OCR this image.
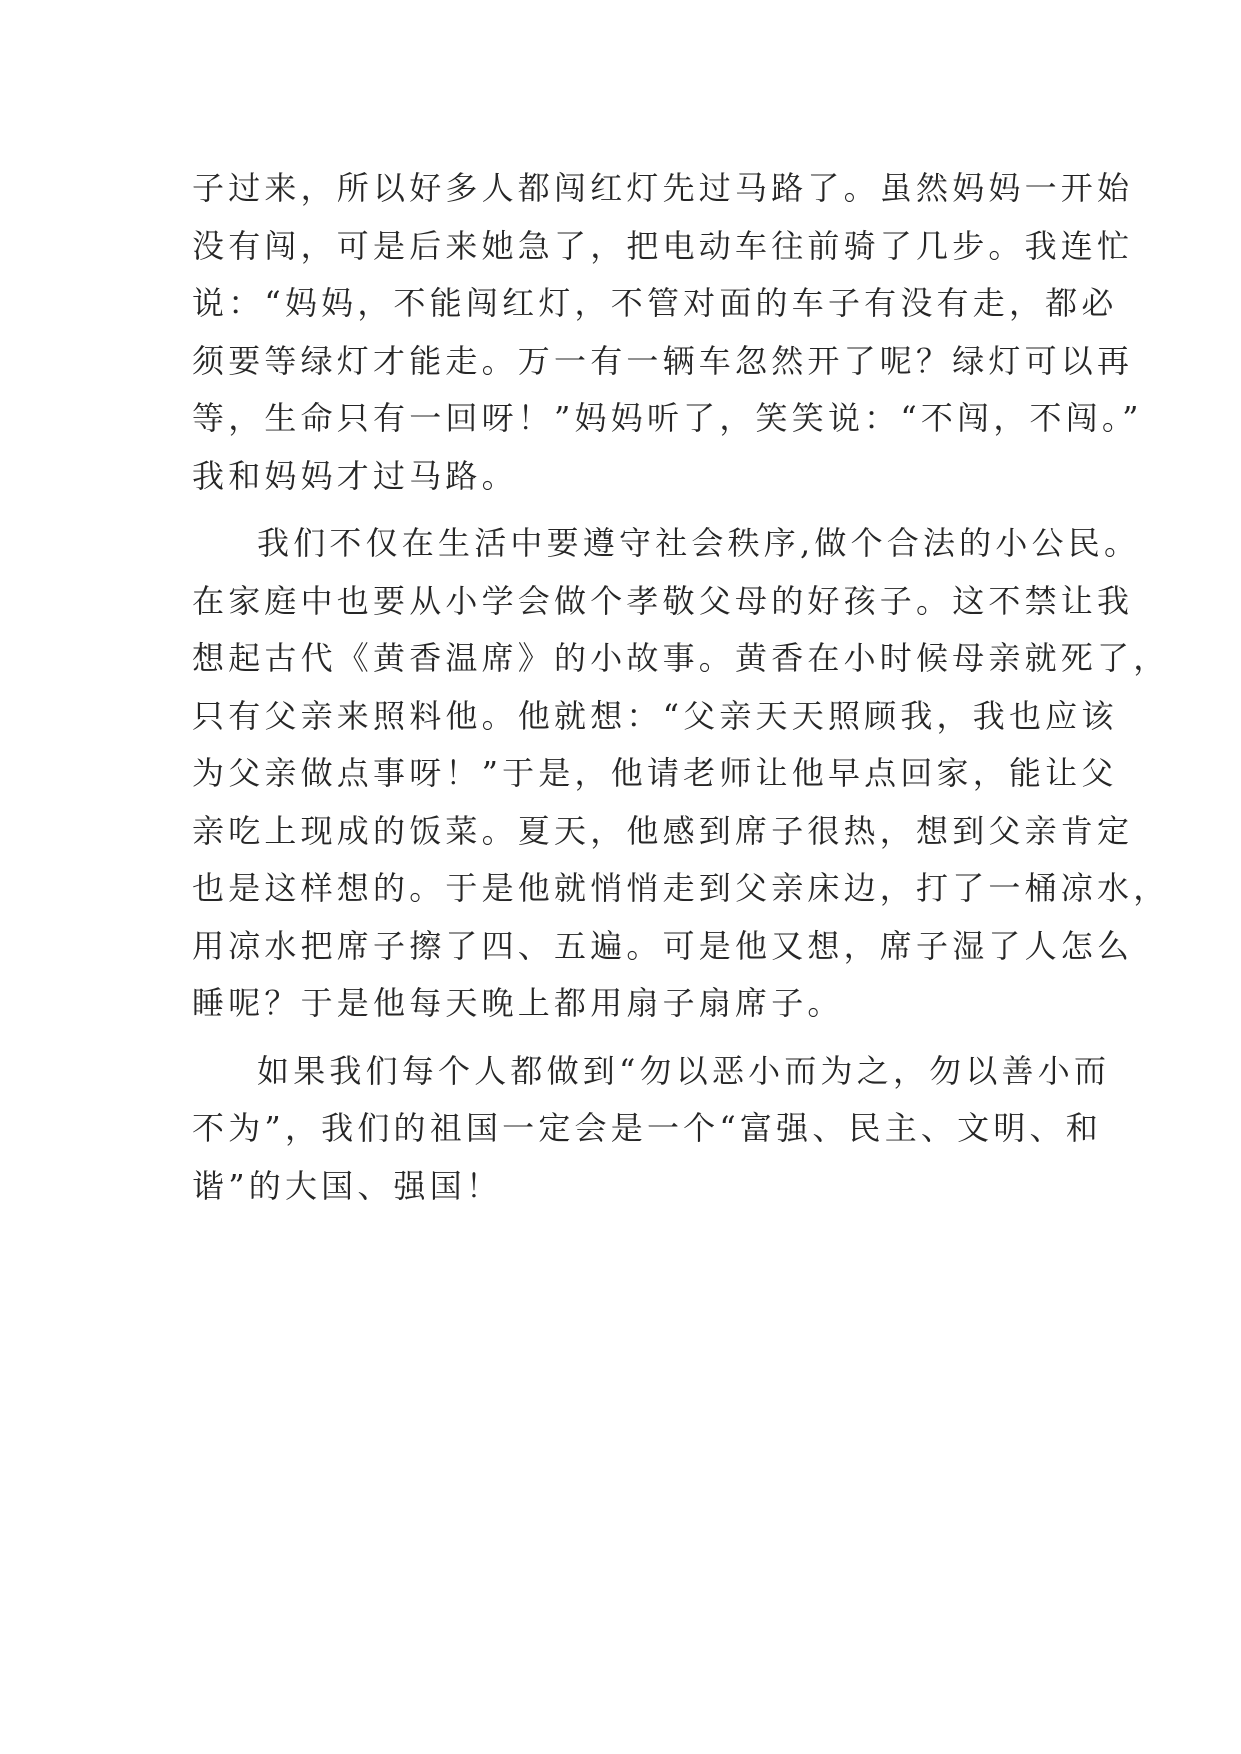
子过来，所以好多人都闯红灯先过马路了。虽然妈妈一开始
没有闯，可是后来她急了，把电动车往前骑了几步。我连忙
说：“妈妈，不能闯红灯，不管对面的车子有没有走，都必
须要等绿灯才能走。万一有一辆车忽然开了呢？绿灯可以再
等，生命只有一回呀！”妈妈听了，笑笑说：“不闯，不闯。”
我和妈妈才过马路。
我们不仅在生活中要遵守社会秩序,做个合法的小公民。
在家庭中也要从小学会做个孝敬父母的好孩子。这不禁让我
想起古代《黄香温席》的小故事。黄香在小时候母亲就死了，
只有父亲来照料他。他就想：“父亲天天照顾我，我也应该
为父亲做点事呀！”于是，他请老师让他早点回家，能让父
亲吃上现成的饭菜。夏天，他感到席子很热，想到父亲肯定
也是这样想的。于是他就悄悄走到父亲床边，打了一桶凉水，
用凉水把席子擦了四、五遍。可是他又想，席子湿了人怎么
睡呢？于是他每天晚上都用扇子扇席子。
如果我们每个人都做到“勿以恶小而为之，勿以善小而
不为”，我们的祖国一定会是一个“富强、民主、文明、和
谐”的大国、强国！
